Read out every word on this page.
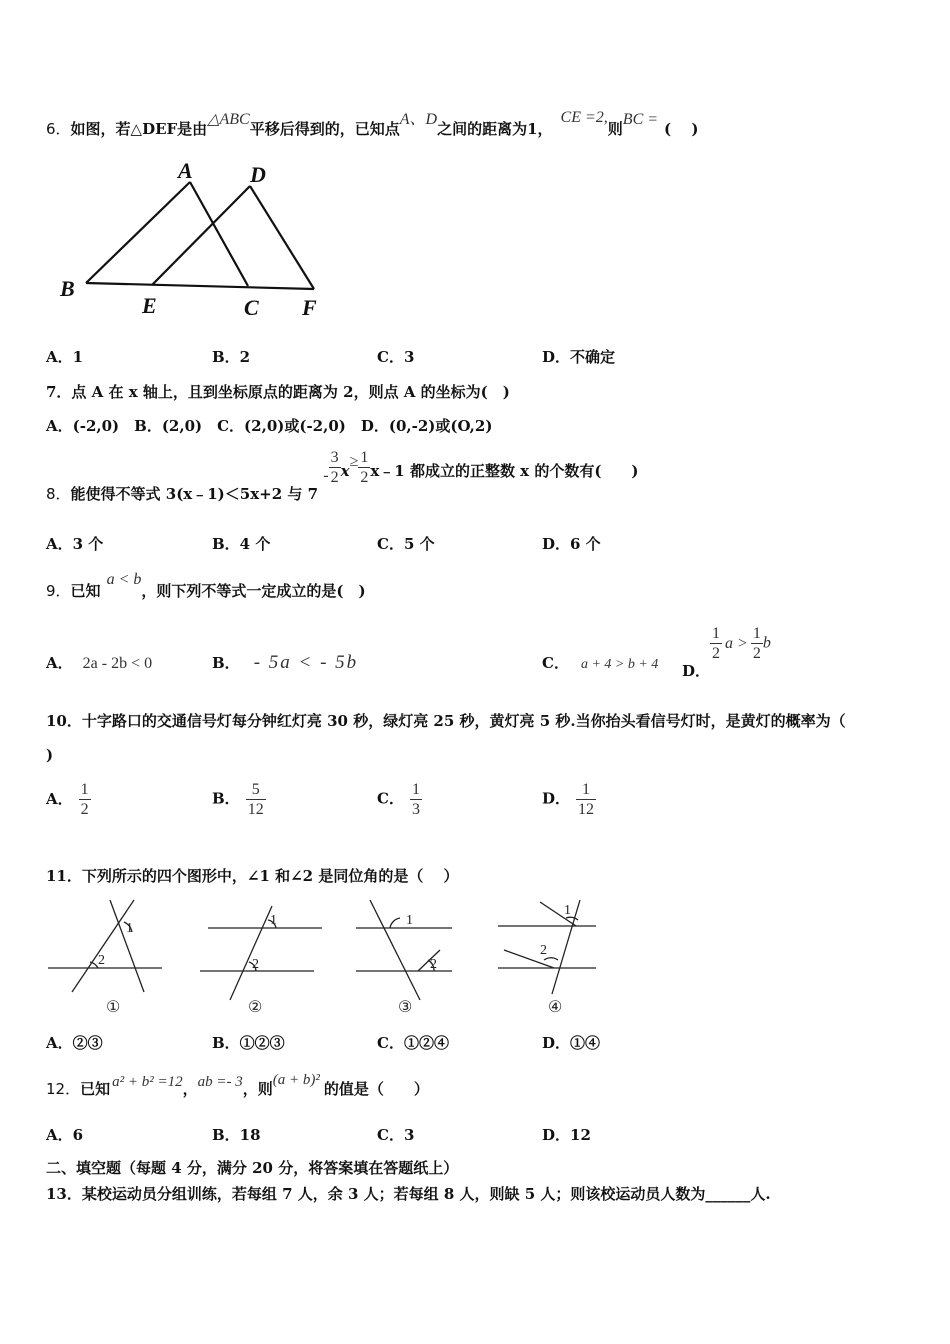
6．如图，若△DEF是由△ABC平移后得到的，已知点A、D之间的距离为1，CE =2,则BC =(　 )
A	D
B
E	C F
A．1	B．2	C．3	D．不确定
7．点 A 在 x 轴上，且到坐标原点的距离为 2，则点 A 的坐标为(　)
A．(-2,0)　B．(2,0)　C．(2,0)或(-2,0)　D．(0,-2)或(O,2)
8．能使得不等式 3(x﹣1)＜5x+2 与 $7 - \frac{3}{2} x\ge \frac{1}{2}$ x﹣1 都成立的正整数 x 的个数有(　　)
A．3 个	B．4 个	C．5 个	D．6 个
9．已知a < b，则下列不等式一定成立的是(　)
A． 2a - 2b < 0	B． - 5a < - 5b	C． a + 4 > b + 4 D．
$\frac{1}{2}$ $a > \frac{1}{2}$ b
10．十字路口的交通信号灯每分钟红灯亮 30 秒，绿灯亮 25 秒，黄灯亮 5 秒.当你抬头看信号灯时，是黄灯的概率为（
)
A． $\frac{1}{2}$	B． $\frac{5}{12}$	C． $\frac{1}{3}$	D． $\frac{1}{12}$
11．下列所示的四个图形中，∠1 和∠2 是同位角的是（　 ）
1
2
1
2
1
2
1
2
①	②	③	④
A．②③	B．①②③	C．①②④	D．①④
12．已知 a² + b² =12，ab =- 3，则(a + b)² 的值是（　　）
A．6	B．18	C．3	D．12
二、填空题（每题 4 分，满分 20 分，将答案填在答题纸上）
13．某校运动员分组训练，若每组 7 人，余 3 人；若每组 8 人，则缺 5 人；则该校运动员人数为______人.
